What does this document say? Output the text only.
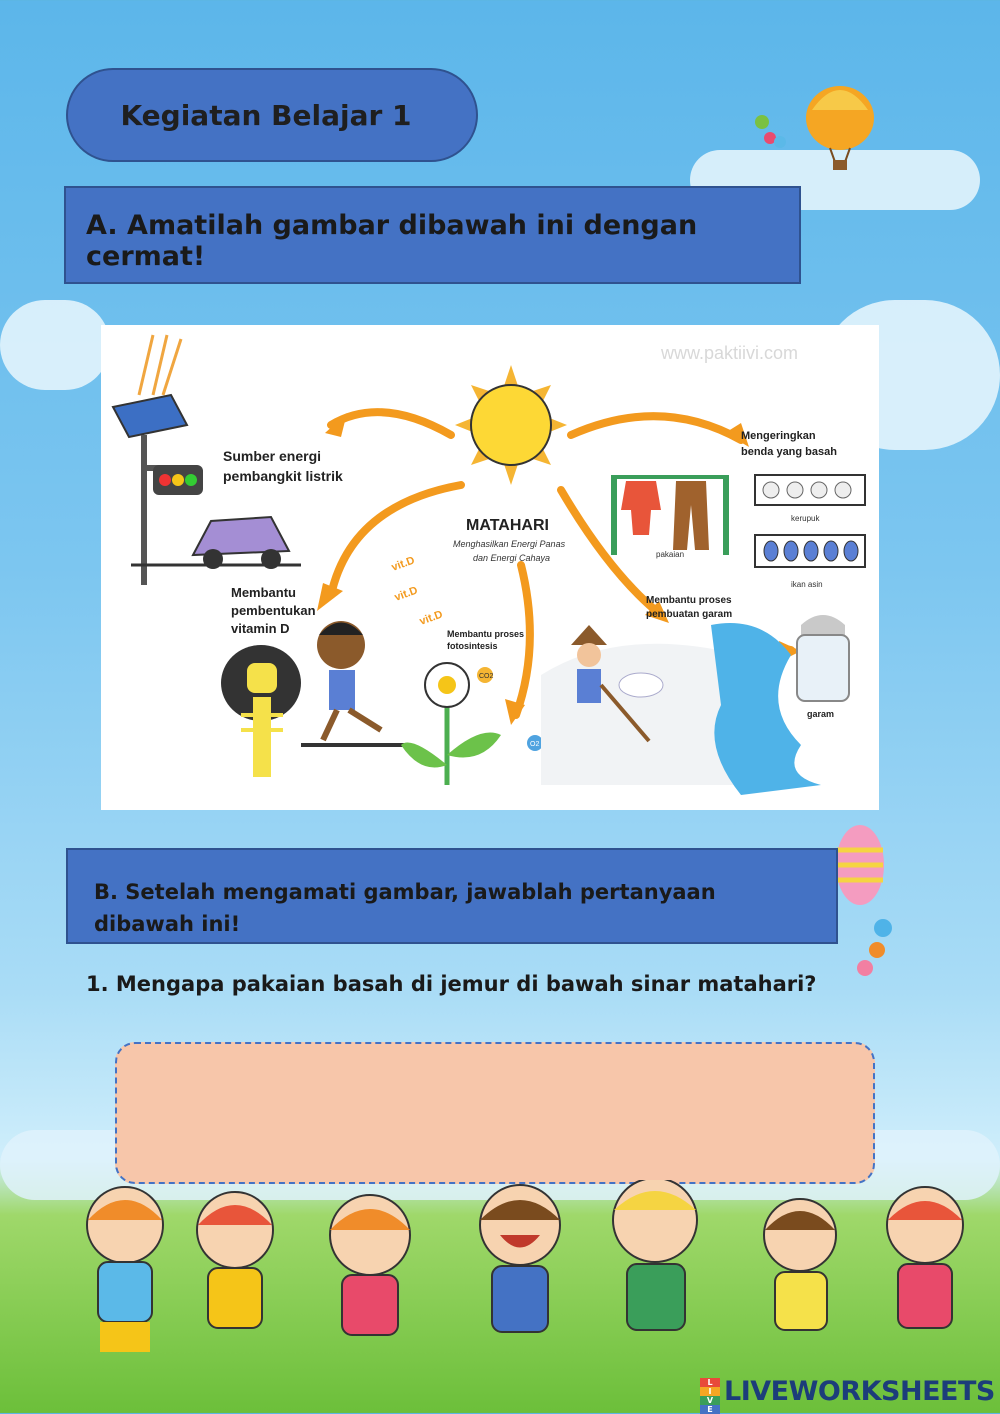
Kegiatan Belajar 1
A. Amatilah gambar dibawah ini dengan cermat!
www.paktiivi.com
Sumber energi
pembangkit listrik
MATAHARI
Menghasilkan Energi Panas
dan Energi Cahaya
vit.D
vit.D
vit.D
Membantu
pembentukan
vitamin D	Membantu proses
fotosintesis
CO2
O2
Membantu proses
pembuatan garam
pakaian
Mengeringkan
benda yang basah
kerupuk
ikan asin
garam
B. Setelah mengamati gambar, jawablah pertanyaan dibawah ini!
1. Mengapa pakaian basah di jemur di bawah sinar matahari?
L
I
V
E
LIVEWORKSHEETS
